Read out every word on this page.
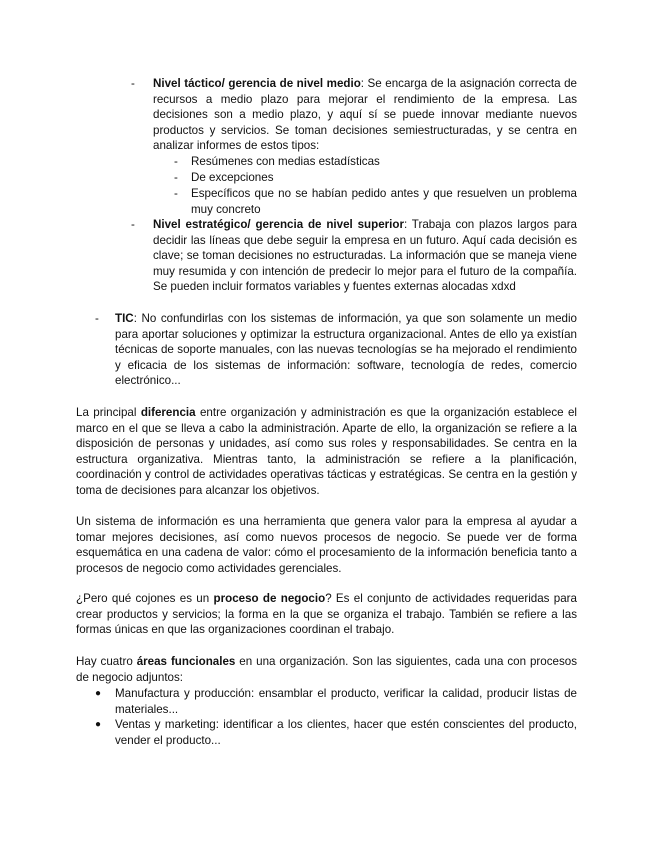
- Nivel táctico/ gerencia de nivel medio: Se encarga de la asignación correcta de recursos a medio plazo para mejorar el rendimiento de la empresa. Las decisiones son a medio plazo, y aquí sí se puede innovar mediante nuevos productos y servicios. Se toman decisiones semiestructuradas, y se centra en analizar informes de estos tipos:

- Resúmenes con medias estadísticas

- De excepciones

- Específicos que no se habían pedido antes y que resuelven un problema muy concreto

- Nivel estratégico/ gerencia de nivel superior: Trabaja con plazos largos para decidir las líneas que debe seguir la empresa en un futuro. Aquí cada decisión es clave; se toman decisiones no estructuradas. La información que se maneja viene muy resumida y con intención de predecir lo mejor para el futuro de la compañía. Se pueden incluir formatos variables y fuentes externas alocadas xdxd

- TIC: No confundirlas con los sistemas de información, ya que son solamente un medio para aportar soluciones y optimizar la estructura organizacional. Antes de ello ya existían técnicas de soporte manuales, con las nuevas tecnologías se ha mejorado el rendimiento y eficacia de los sistemas de información: software, tecnología de redes, comercio electrónico...

La principal diferencia entre organización y administración es que la organización establece el marco en el que se lleva a cabo la administración. Aparte de ello, la organización se refiere a la disposición de personas y unidades, así como sus roles y responsabilidades. Se centra en la estructura organizativa. Mientras tanto, la administración se refiere a la planificación, coordinación y control de actividades operativas tácticas y estratégicas. Se centra en la gestión y toma de decisiones para alcanzar los objetivos.

Un sistema de información es una herramienta que genera valor para la empresa al ayudar a tomar mejores decisiones, así como nuevos procesos de negocio. Se puede ver de forma esquemática en una cadena de valor: cómo el procesamiento de la información beneficia tanto a procesos de negocio como actividades gerenciales.

¿Pero qué cojones es un proceso de negocio? Es el conjunto de actividades requeridas para crear productos y servicios; la forma en la que se organiza el trabajo. También se refiere a las formas únicas en que las organizaciones coordinan el trabajo.

Hay cuatro áreas funcionales en una organización. Son las siguientes, cada una con procesos de negocio adjuntos:

● Manufactura y producción: ensamblar el producto, verificar la calidad, producir listas de materiales...

● Ventas y marketing: identificar a los clientes, hacer que estén conscientes del producto, vender el producto...
